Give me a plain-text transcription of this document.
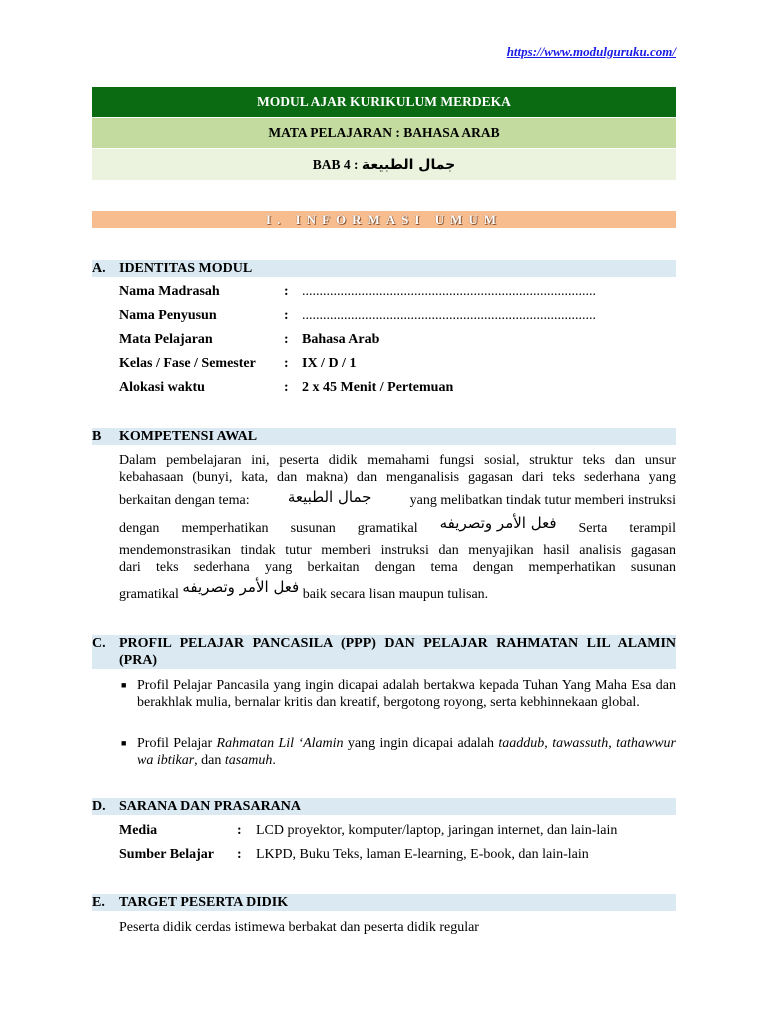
https://www.modulguruku.com/
MODUL AJAR KURIKULUM MERDEKA
MATA PELAJARAN : BAHASA ARAB
BAB 4 : جمال الطبيعة
I. INFORMASI UMUM
A. IDENTITAS MODUL
Nama Madrasah	: ....................................................................................
Nama Penyusun	: ....................................................................................
Mata Pelajaran	: Bahasa Arab
Kelas / Fase / Semester : IX / D / 1
Alokasi waktu	: 2 x 45 Menit / Pertemuan
B KOMPETENSI AWAL
Dalam pembelajaran ini, peserta didik memahami fungsi sosial, struktur teks dan unsur
kebahasaan (bunyi, kata, dan makna) dan menganalisis gagasan dari teks sederhana yang
berkaitan dengan tema:	جمال الطبيعة	yang melibatkan tindak tutur memberi instruksi
dengan memperhatikan susunan gramatikal فعل الأمر وتصريفه Serta terampil
mendemonstrasikan tindak tutur memberi instruksi dan menyajikan hasil analisis gagasan
dari teks sederhana yang berkaitan dengan tema dengan memperhatikan susunan
gramatikal فعل الأمر وتصريفه baik secara lisan maupun tulisan.
C. PROFIL PELAJAR PANCASILA (PPP) DAN PELAJAR RAHMATAN LIL ALAMIN (PRA)
■ Profil Pelajar Pancasila yang ingin dicapai adalah bertakwa kepada Tuhan Yang Maha Esa dan berakhlak mulia, bernalar kritis dan kreatif, bergotong royong, serta kebhinnekaan global.
■ Profil Pelajar Rahmatan Lil ‘Alamin yang ingin dicapai adalah taaddub, tawassuth, tathawwur wa ibtikar, dan tasamuh.
D. SARANA DAN PRASARANA
Media	: LCD proyektor, komputer/laptop, jaringan internet, dan lain-lain
Sumber Belajar : LKPD, Buku Teks, laman E-learning, E-book, dan lain-lain
E. TARGET PESERTA DIDIK
Peserta didik cerdas istimewa berbakat dan peserta didik regular
